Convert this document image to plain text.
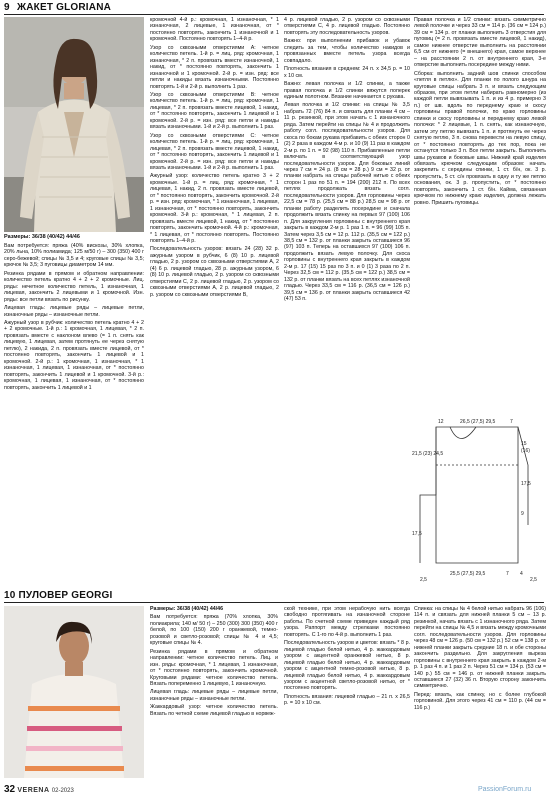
9 ЖАКЕТ GLORIANA
Размеры: 36/38 (40/42) 44/46

Вам потребуется: пряжа (40% вискозы, 30% хлопка, 20% льна, 10% полиамида; 125 м/50 г) – 300 (350) 400 г серо-бежевой; спицы № 3,5 и 4; круговые спицы № 3,5; крючок № 3,5; 3 пуговицы диаметром 14 мм.

Резинка рядами в прямом и обратном направлении: количество петель кратно 4 + 2 + 2 кромочные. Лиц. ряды: нечетное количество петель, 1 изнаночная, 1 лицевая, закончить 2 лицевыми и 1 кромочной. Изн. ряды: все петли вязать по рисунку.

Лицевая гладь: лицевые ряды – лицевые петли, изнаночные ряды – изнаночные петли.

Ажурный узор в рубчик: количество петель кратно 4 + 2 + 2 кромочные. 1-й р.: 1 кромочная, 1 лицевая, * 2 п. провязать вместе с наклоном влево (= 1 п. снять как лицевую, 1 лицевая, затем протянуть ее через снятую петлю), 2 накида, 2 п. провязать вместе лицевой, от * постоянно повторять, закончить 1 лицевой и 1 кромочной. 2-й р.: 1 кромочная, 1 изнаночная, * 1 изнаночная, 1 лицевая, 1 изнаночная, от * постоянно повторять, закончить 1 лицевой и 1 кромочной. 3-й р.: кромочная, 1 лицевая, 1 изнаночная, от * постоянно повторять, закончить 1 лицевой и 1

кромочной 4-й р.: кромочная, 1 изнаночная, * 1 изнаночная, 2 лицевые, 1 изнаночная, от * постоянно повторять, закончить 1 изнаночной и 1 кромочной. Постоянно повторять 1–4-й р.

Узор со сквозными отверстиями А: четное количество петель. 1-й р. = лиц. ряд: кромочная, 1 изнаночная, * 2 п. провязать вместе изнаночной, 1 накид, от * постоянно повторять, закончить 1 изнаночной и 1 кромочной. 2-й р. = изн. ряд: все петли и накиды вязать изнаночными. Постоянно повторять 1-й и 2-й р. выполнить 1 раз.

Узор со сквозными отверстиями B: четное количество петель. 1-й р. = лиц. ряд: кромочная, 1 лицевая, * 2 п. провязать вместе лицевой, 1 накид, от * постоянно повторять, закончить 1 лицевой и 1 кромочной. 2-й р. = изн. ряд: все петли и накиды вязать изнаночными. 1-й и 2-й р. выполнить 1 раз.

Узор со сквозными отверстиями C: четное количество петель. 1-й р. = лиц. ряд: кромочная, 1 лицевая, * 2 п. провязать вместе лицевой, 1 накид, от * постоянно повторять, закончить 1 лицевой и 1 кромочной. 2-й р. = изн. ряд: все петли и накиды вязать изнаночными. 1-й и 2-й р. выполнить 1 раз.

Ажурный узор: количество петель кратно 3 + 2 кромочные. 1-й р. = лиц. ряд: кромочная, * 1 лицевая, 1 накид, 2 п. провязать вместе лицевой, от * постоянно повторять, закончить кромочной. 2-й р. = изн. ряд: кромочная, * 1 изнаночная, 1 лицевая, 1 изнаночная, от * постоянно повторять, закончить кромочной. 3-й р.: кромочная, * 1 лицевая, 2 п. провязать вместе лицевой, 1 накид, от * постоянно повторять, закончить кромочной. 4-й р.: кромочная, * 1 лицевая, от * постоянно повторять. Постоянно повторять 1–4-й р.

Последовательность узоров: вязать 24 (28) 32 р. ажурным узором в рубчик, 6 (8) 10 р. лицевой гладью, 2 р. узором со сквозными отверстиями A, 2 (4) 6 р. лицевой гладью, 28 р. ажурным узором, 6 (8) 10 р. лицевой гладью, 2 р. узором со сквозными отверстиями C, 2 р. лицевой гладью, 2 р. узором со сквозными отверстиями A, 2 р. лицевой гладью, 2 р. узором со сквозными отверстиями B,

4 р. лицевой гладью, 2 р. узором со сквозными отверстиями C, 4 р. лицевой гладью. Постоянно повторять эту последовательность узоров.

Важно: при выполнении прибавок и убавок следить за тем, чтобы количество накидов и провязанных вместе петель узора всегда совпадало.

Плотность вязания в среднем: 24 п. x 34,5 р. = 10 x 10 см.

Важно: левая полочка и 1/2 спинки, а также правая полочка и 1/2 спинки вяжутся поперек единым полотном. Вязание начинается с рукава.

Левая полочка и 1/2 спинки: на спицы № 3,5 набрать 72 (76) 84 п. и связать для планки 4 см – 11 р. резинкой, при этом начать с 1 изнаночного ряда. Затем перейти на спицы № 4 и продолжить работу согл. последовательности узоров. Для скоса по бокам рукава прибавить с обеих сторон 0 (2) 2 раза в каждом 4-м р. и 10 (9) 11 раз в каждом 2-м р. по 1 п. = 92 (98) 110 п. Прибавленные петли включать в соответствующий узор последовательности узоров. Для боковых линий через 7 см = 24 р. (8 см = 28 р.) 9 см = 32 р. от планки набрать на спицы рабочей нитью с обеих сторон 1 раз по 51 п. = 194 (200) 212 п. По всех петлях продолжать вязать согл. последовательности узоров. Для горловины через 22,5 см = 78 р. (25,5 см = 88 р.) 28,5 см = 98 р. от планки работу разделить посередине и сначала продолжить вязать спинку на первых 97 (100) 106 п. Для закругления горловины с внутреннего края закрыть в каждом 2-м р. 1 раз 1 п. = 96 (99) 105 п. Затем через 3,5 см = 12 р. 112 р. (35,5 см = 122 р.) 38,5 см = 132 р. от планки закрыть оставшиеся 96 (97) 103 п. Теперь на оставшихся 97 (100) 106 п. продолжить вязать левую полочку. Для скоса горловины с внутреннего края закрыть в каждом 2-м р. 17 (15) 15 раз по 3 п. и 0 (1) 3 раза по 2 п. Через 32,5 см = 112 р. (35,5 см = 122 р.) 38,5 см = 132 р. от планки вязать на всех петлях изнаночной гладью. Через 33,5 см = 116 р. (36,5 см = 126 р.) 39,5 см = 136 р. от планки закрыть оставшиеся 42 (47) 53 п.

Правая полочка и 1/2 спинки: вязать симметрично левой полочке и через 33 см = 114 р. (36 см = 124 р.) 39 см = 134 р. от планки выполнить 3 отверстия для пуговиц (= 2 п. провязать вместе лицевой, 1 накид), самое нижнее отверстие выполнить на расстоянии 6,5 см от нижнего (= внешнего) края, самое верхнее – на расстоянии 2 п. от внутреннего края, 3-е отверстие выполнить посередине между ними.

Сборка: выполнить задний шов спинки способом «петля в петлю». Для планки по полого шнура на круговые спицы набрать 3 п. и вязать следующим образом, при этом петли набирать равномерно (из каждой петли вывязывать 1 п. и из 4 р. примерно 3 п.) от шв. вдоль по переднему краю и скосу горловины правой полочки, по краю горловины спинки и скосу горловины и переднему краю левой полочки: * 2 лицевые, 1 п. снять, как изнаночную, затем эту петлю вывязать 1 п. и протянуть ее через снятую петлю, 3 п. снова перевести на левую спицу, от * постоянно повторять до тех пор, пока не останутся только 3 п. Все петли закрыть. Выполнить швы рукавов и боковые швы. Нижний край изделия обвязать крючком следующим образом: начать закрепить с середины спинки, 1 ст. б/н, ок. 3 р. пропустить, 5 ст. с/н провязать в одну и ту же петлю основания, ок. 3 р. пропустить, от * постоянно повторять, закончить 1 ст. б/н. Кайма, связанная крючком по нижнему краю изделия, должна лежать ровно. Пришить пуговицы.

12	26,5 (27,5) 29,5	7
21,5 (23) 24,5
17,5
15
(16)
17,5
9
25,5 (27,5) 29,5	7 4
2,5	2,5
10 ПУЛОВЕР GEORGI

Размеры: 36/38 (40/42) 44/46

Вам потребуется: пряжа (70% хлопка, 30% полиакрила; 140 м/ 50 г) – 250 (300) 300 (350) 400 г белой, по 100 (150) 200 г оранжевой, темно-розовой и светло-розовой; спицы № 4 и 4,5; круговые спицы № 4.

Резинка рядами в прямом и обратном направлении: четное количество петель. Лиц. и изн. ряды: кромочная, * 1 лицевая, 1 изнаночная, от * постоянно повторять, закончить кромочной. Круговыми рядами: четное количество петель. Вязать попеременно 1 лицевую, 1 изнаночную.

Лицевая гладь: лицевые ряды – лицевые петли, изнаночные ряды – изнаночные петли.

Жаккардовый узор: четное количество петель. Вязать по четной схеме лицевой гладью в норвеж-

ской технике, при этом нерабочую нить всегда свободно протягивать на изнаночной стороне работы. По счетной схеме приведен каждый ряд узора. Раппорт между стрелками постоянно повторять. С 1-го по 4-й р. выполнить 1 раз.

Последовательность узоров и цветов: вязать * 8 р. лицевой гладью белой нитью, 4 р. жаккардовым узором с акцентной оранжевой нитью, 8 р. лицевой гладью белой нитью, 4 р. жаккардовым узором с акцентной темно-розовой нитью, 8 р. лицевой гладью белой нитью, 4 р. жаккардовым узором с акцентной светло-розовой нитью, от * постоянно повторять.

Плотность вязания: лицевой гладью – 21 п. x 26,5 р. = 10 x 10 см.

Спинка: на спицы № 4 белой нитью набрать 96 (106) 114 п. и связать для нижней планки 5 см – 13 р. резинкой, начать вязать с 1 изнаночного ряда. Затем перейти на спицы № 4,5 и вязать между кромочными согл. последовательности узоров. Для горловины через 48 см = 126 р. (50 см = 132 р.) 52 см = 138 р. от нижней планки закрыть средние 18 п. и обе стороны закончить раздельно. Для закругления выреза горловины с внутреннего края закрыть в каждом 2-м р. 1 раз 4 п. и 1 раз 2 п. Через 51 см = 134 р. (53 см = 140 р.) 55 см = 146 р. от нижней планки закрыть оставшиеся 27 (32) 36 п. Вторую сторону закончить симметрично.

Перед: вязать, как спинку, но с более глубокой горловиной. Для этого через 41 см = 110 р. (44 см = 116 р.)

32 VERENA 02-2023	PassionForum.ru
